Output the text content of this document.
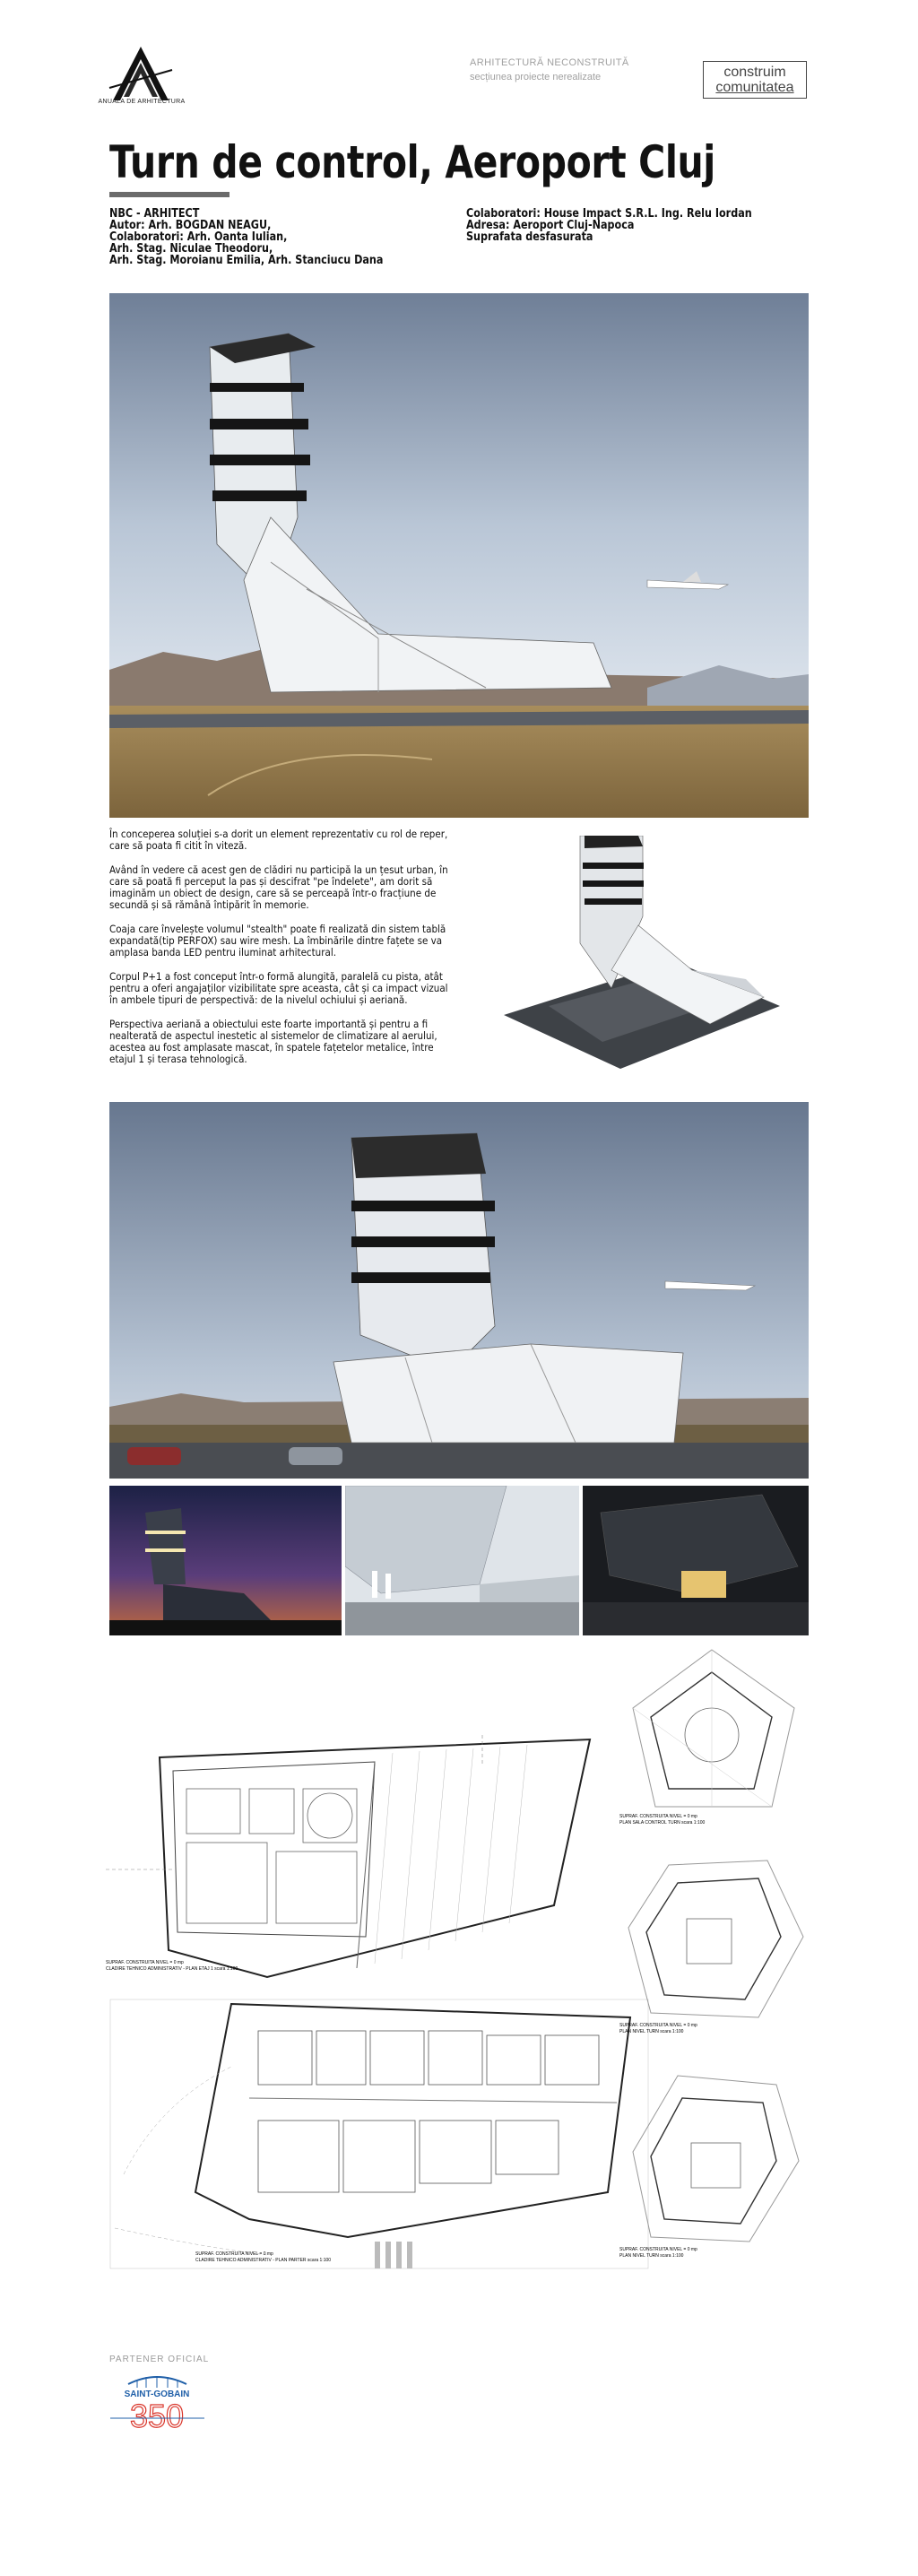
ANUALA DE ARHITECTURA
ARHITECTURĂ NECONSTRUITĂ
secțiunea proiecte nerealizate	construim
comunitatea
Turn de control, Aeroport Cluj
NBC - ARHITECT
Autor: Arh. BOGDAN NEAGU,
Colaboratori: Arh. Oanta Iulian,
Arh. Stag. Niculae Theodoru,
Arh. Stag. Moroianu Emilia, Arh. Stanciucu Dana
Colaboratori: House Impact S.R.L. Ing. Relu Iordan
Adresa: Aeroport Cluj-Napoca
Suprafata desfasurata

În conceperea soluției s-a dorit un element reprezentativ cu rol de reper, care să poata fi citit în viteză.

Având în vedere că acest gen de clădiri nu participă la un țesut urban, în care să poată fi perceput la pas și descifrat "pe îndelete", am dorit să imaginăm un obiect de design, care să se perceapă într-o fracțiune de secundă și să rămână întipărit în memorie.

Coaja care învelește volumul "stealth" poate fi realizată din sistem tablă expandată(tip PERFOX) sau wire mesh. La îmbinările dintre fațete se va amplasa banda LED pentru iluminat arhitectural.

Corpul P+1 a fost conceput într-o formă alungită, paralelă cu pista, atât pentru a oferi angajaților vizibilitate spre aceasta, cât și ca impact vizual în ambele tipuri de perspectivă: de la nivelul ochiului și aeriană.

Perspectiva aeriană a obiectului este foarte importantă și pentru a fi nealterată de aspectul inestetic al sistemelor de climatizare al aerului, acestea au fost amplasate mascat, în spatele fațetelor metalice, între etajul 1 și terasa tehnologică.

SUPRAF. CONSTRUITA NIVEL = 0 mp
CLADIRE TEHNICO ADMINISTRATIV - PLAN ETAJ 1 scara 1:100
SUPRAF. CONSTRUITA NIVEL = 0 mp
CLADIRE TEHNICO ADMINISTRATIV - PLAN PARTER scara 1:100
SUPRAF. CONSTRUITA NIVEL = 0 mp
PLAN SALA CONTROL TURN scara 1:100
SUPRAF. CONSTRUITA NIVEL = 0 mp
PLAN NIVEL TURN scara 1:100
SUPRAF. CONSTRUITA NIVEL = 0 mp
PLAN NIVEL TURN scara 1:100
PARTENER OFICIAL
SAINT-GOBAIN
350
